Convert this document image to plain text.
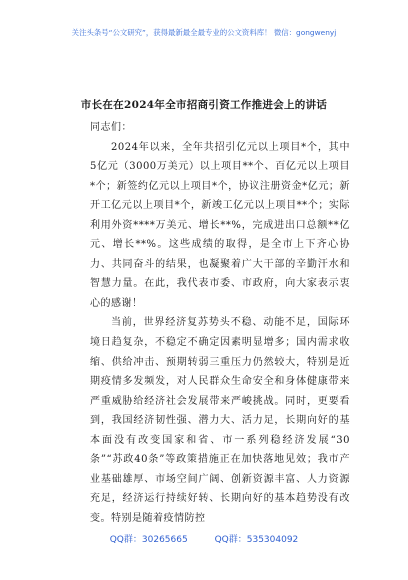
关注头条号“公文研究”，获得最新最全最专业的公文资料库！ 微信：gongwenyj
市长在在2024年全市招商引资工作推进会上的讲话
同志们：

2024年以来，全年共招引亿元以上项目*个，其中5亿元（3000万美元）以上项目**个、百亿元以上项目*个；新签约亿元以上项目*个，协议注册资金*亿元；新开工亿元以上项目*个，新竣工亿元以上项目**个；实际利用外资****万美元、增长**%，完成进出口总额**亿元、增长**%。这些成绩的取得，是全市上下齐心协力、共同奋斗的结果，也凝聚着广大干部的辛勤汗水和智慧力量。在此，我代表市委、市政府，向大家表示衷心的感谢！

当前，世界经济复苏势头不稳、动能不足，国际环境日趋复杂，不稳定不确定因素明显增多；国内需求收缩、供给冲击、预期转弱三重压力仍然较大，特别是近期疫情多发频发，对人民群众生命安全和身体健康带来严重威胁给经济社会发展带来严峻挑战。同时，更要看到，我国经济韧性强、潜力大、活力足，长期向好的基本面没有改变国家和省、市一系列稳经济发展“30条”“苏政40条”等政策措施正在加快落地见效；我市产业基础雄厚、市场空间广阔、创新资源丰富、人力资源充足，经济运行持续好转、长期向好的基本趋势没有改变。特别是随着疫情防控

QQ群：30265665	QQ群：535304092
